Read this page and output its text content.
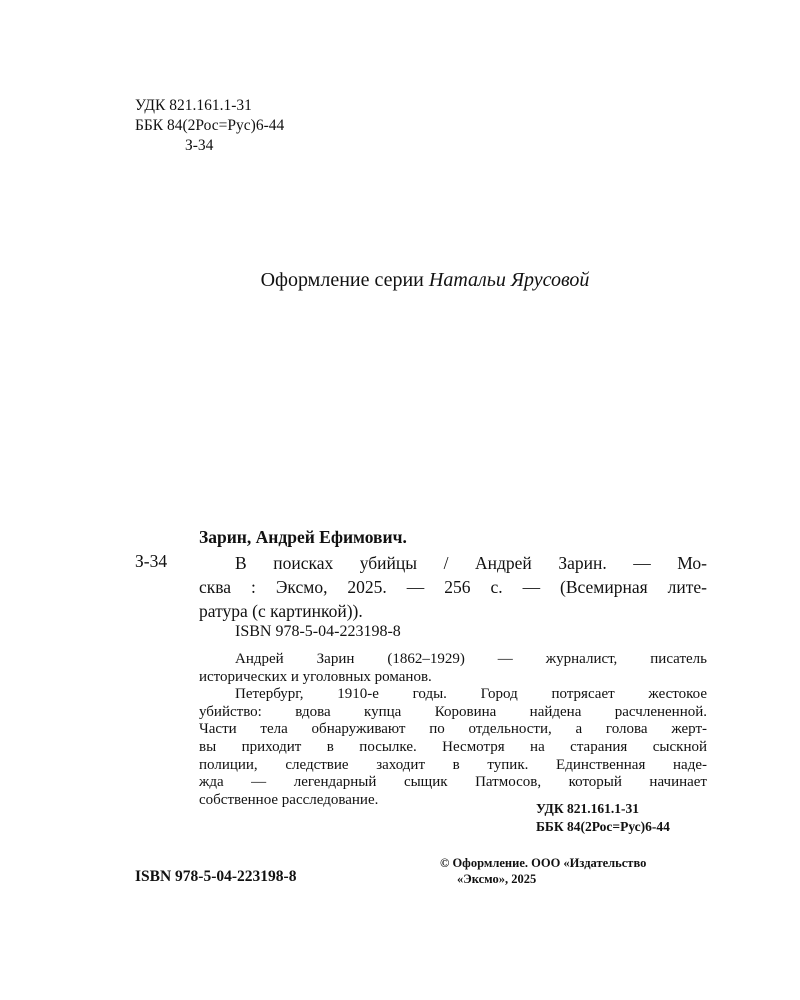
УДК 821.161.1-31
ББК 84(2Рос=Рус)6-44
З-34
Оформление серии Натальи Ярусовой
Зарин, Андрей Ефимович.
З-34	В поисках убийцы / Андрей Зарин. — Мо-
сква : Эксмо, 2025. — 256 с. — (Всемирная лите-
ратура (с картинкой)).
ISBN 978-5-04-223198-8
Андрей Зарин (1862–1929) — журналист, писатель
исторических и уголовных романов.
Петербург, 1910-е годы. Город потрясает жестокое
убийство: вдова купца Коровина найдена расчлененной.
Части тела обнаруживают по отдельности, а голова жерт-
вы приходит в посылке. Несмотря на старания сыскной
полиции, следствие заходит в тупик. Единственная наде-
жда — легендарный сыщик Патмосов, который начинает
собственное расследование.
УДК 821.161.1-31
ББК 84(2Рос=Рус)6-44
ISBN 978-5-04-223198-8
© Оформление. ООО «Издательство
«Эксмо», 2025
